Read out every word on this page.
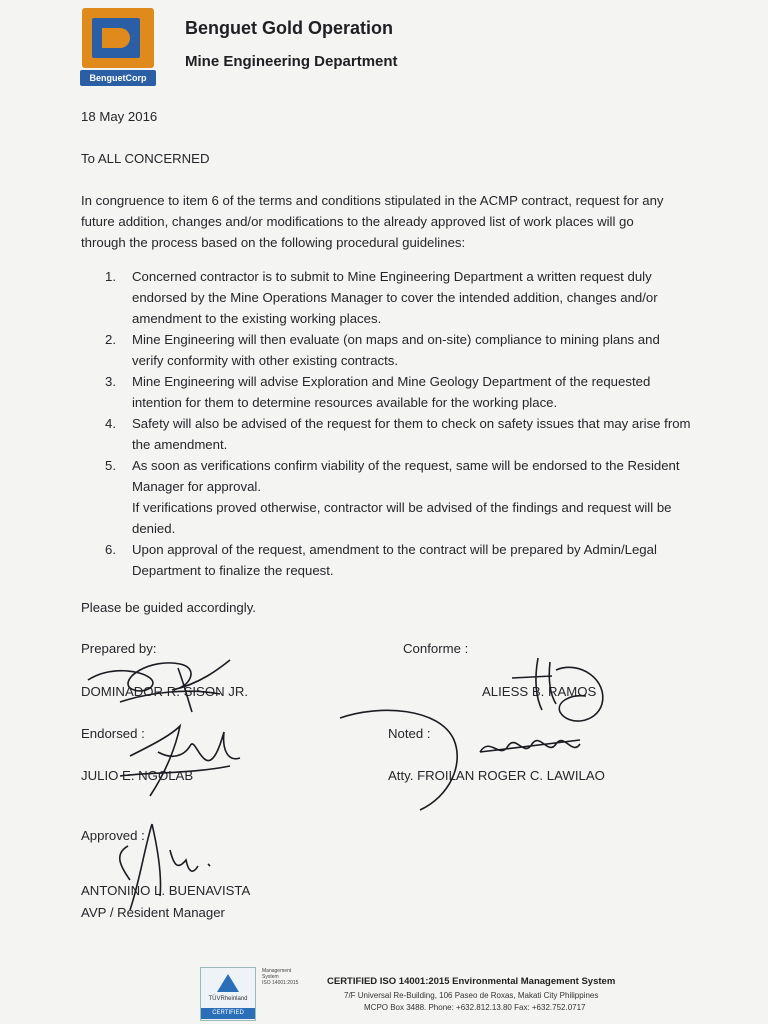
BenguetCorp
Benguet Gold Operation
Mine Engineering Department
18 May 2016
To ALL CONCERNED
In congruence to item 6 of the terms and conditions stipulated in the ACMP contract, request for any
future addition, changes and/or modifications to the already approved list of work places will go
through the process based on the following procedural guidelines:
1. Concerned contractor is to submit to Mine Engineering Department a written request duly
endorsed by the Mine Operations Manager to cover the intended addition, changes and/or
amendment to the existing working places.
2. Mine Engineering will then evaluate (on maps and on-site) compliance to mining plans and
verify conformity with other existing contracts.
3. Mine Engineering will advise Exploration and Mine Geology Department of the requested
intention for them to determine resources available for the working place.
4. Safety will also be advised of the request for them to check on safety issues that may arise from
the amendment.
5. As soon as verifications confirm viability of the request, same will be endorsed to the Resident
Manager for approval.
If verifications proved otherwise, contractor will be advised of the findings and request will be
denied.
6. Upon approval of the request, amendment to the contract will be prepared by Admin/Legal
Department to finalize the request.
Please be guided accordingly.
Prepared by:
DOMINADOR R. SISON JR.
Conforme :
ALIESS B. RAMOS
Endorsed :
JULIO E. NGOLAB
Noted :
Atty. FROILAN ROGER C. LAWILAO
Approved :
ANTONINO L. BUENAVISTA
AVP / Resident Manager
TÜVRheinland
CERTIFIED
Management
System
ISO 14001:2015	CERTIFIED ISO 14001:2015 Environmental Management System
7/F Universal Re-Building, 106 Paseo de Roxas, Makati City Philippines
MCPO Box 3488. Phone: +632.812.13.80 Fax: +632.752.0717
